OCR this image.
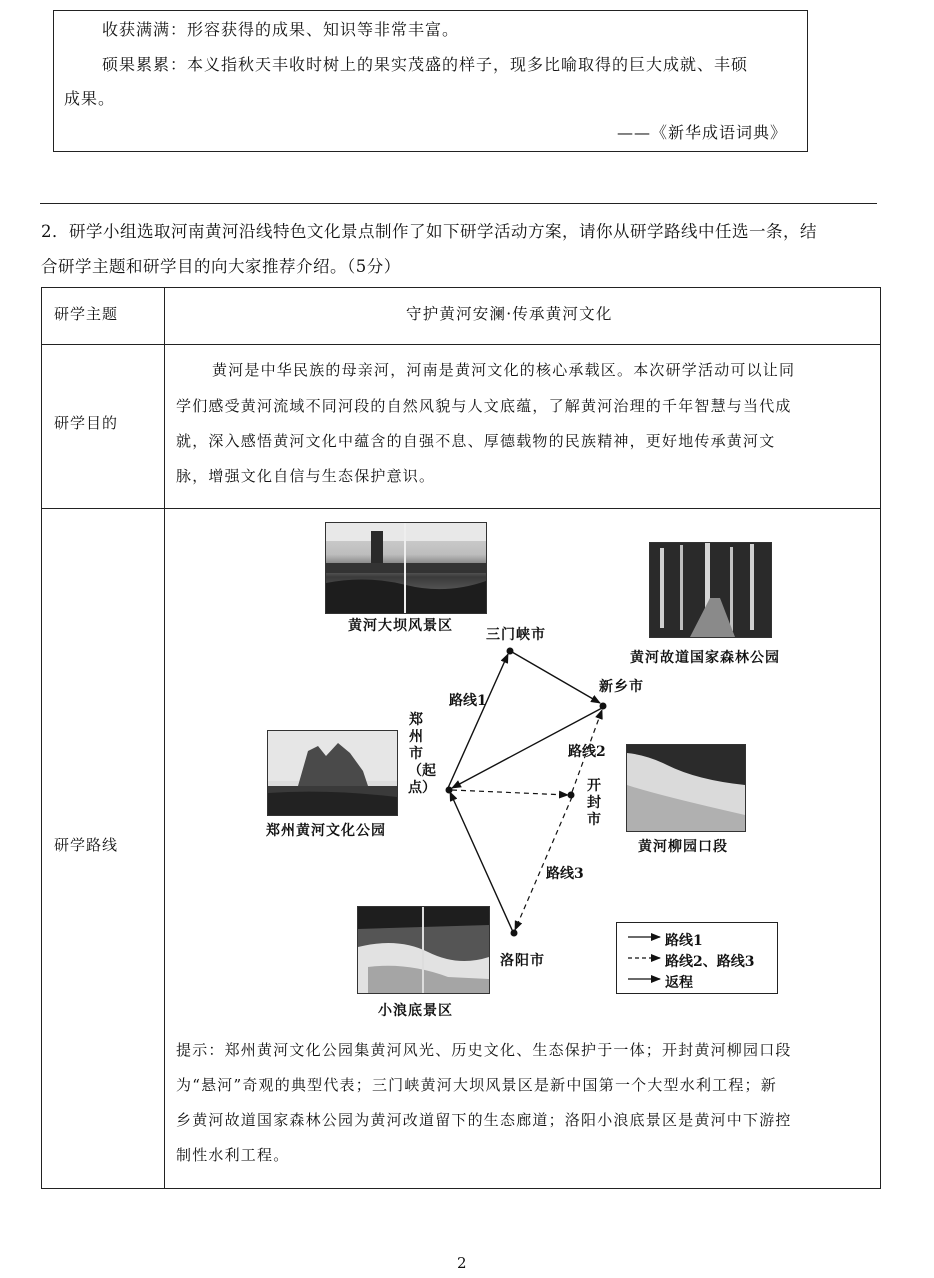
收获满满：形容获得的成果、知识等非常丰富。
硕果累累：本义指秋天丰收时树上的果实茂盛的样子，现多比喻取得的巨大成就、丰硕
成果。
——《新华成语词典》
2．研学小组选取河南黄河沿线特色文化景点制作了如下研学活动方案，请你从研学路线中任选一条，结
合研学主题和研学目的向大家推荐介绍。（5分）
研学主题	守护黄河安澜·传承黄河文化
研学目的
黄河是中华民族的母亲河，河南是黄河文化的核心承载区。本次研学活动可以让同
学们感受黄河流域不同河段的自然风貌与人文底蕴，了解黄河治理的千年智慧与当代成
就，深入感悟黄河文化中蕴含的自强不息、厚德载物的民族精神，更好地传承黄河文
脉，增强文化自信与生态保护意识。
研学路线
提示：郑州黄河文化公园集黄河风光、历史文化、生态保护于一体；开封黄河柳园口段
为“悬河”奇观的典型代表；三门峡黄河大坝风景区是新中国第一个大型水利工程；新
乡黄河故道国家森林公园为黄河改道留下的生态廊道；洛阳小浪底景区是黄河中下游控
制性水利工程。
黄河大坝风景区
黄河故道国家森林公园
郑州黄河文化公园
黄河柳园口段
小浪底景区
三门峡市
新乡市
郑州市（起点）	开封市
洛阳市
路线1
路线2
路线3
路线1
路线2、路线3
返程
2
